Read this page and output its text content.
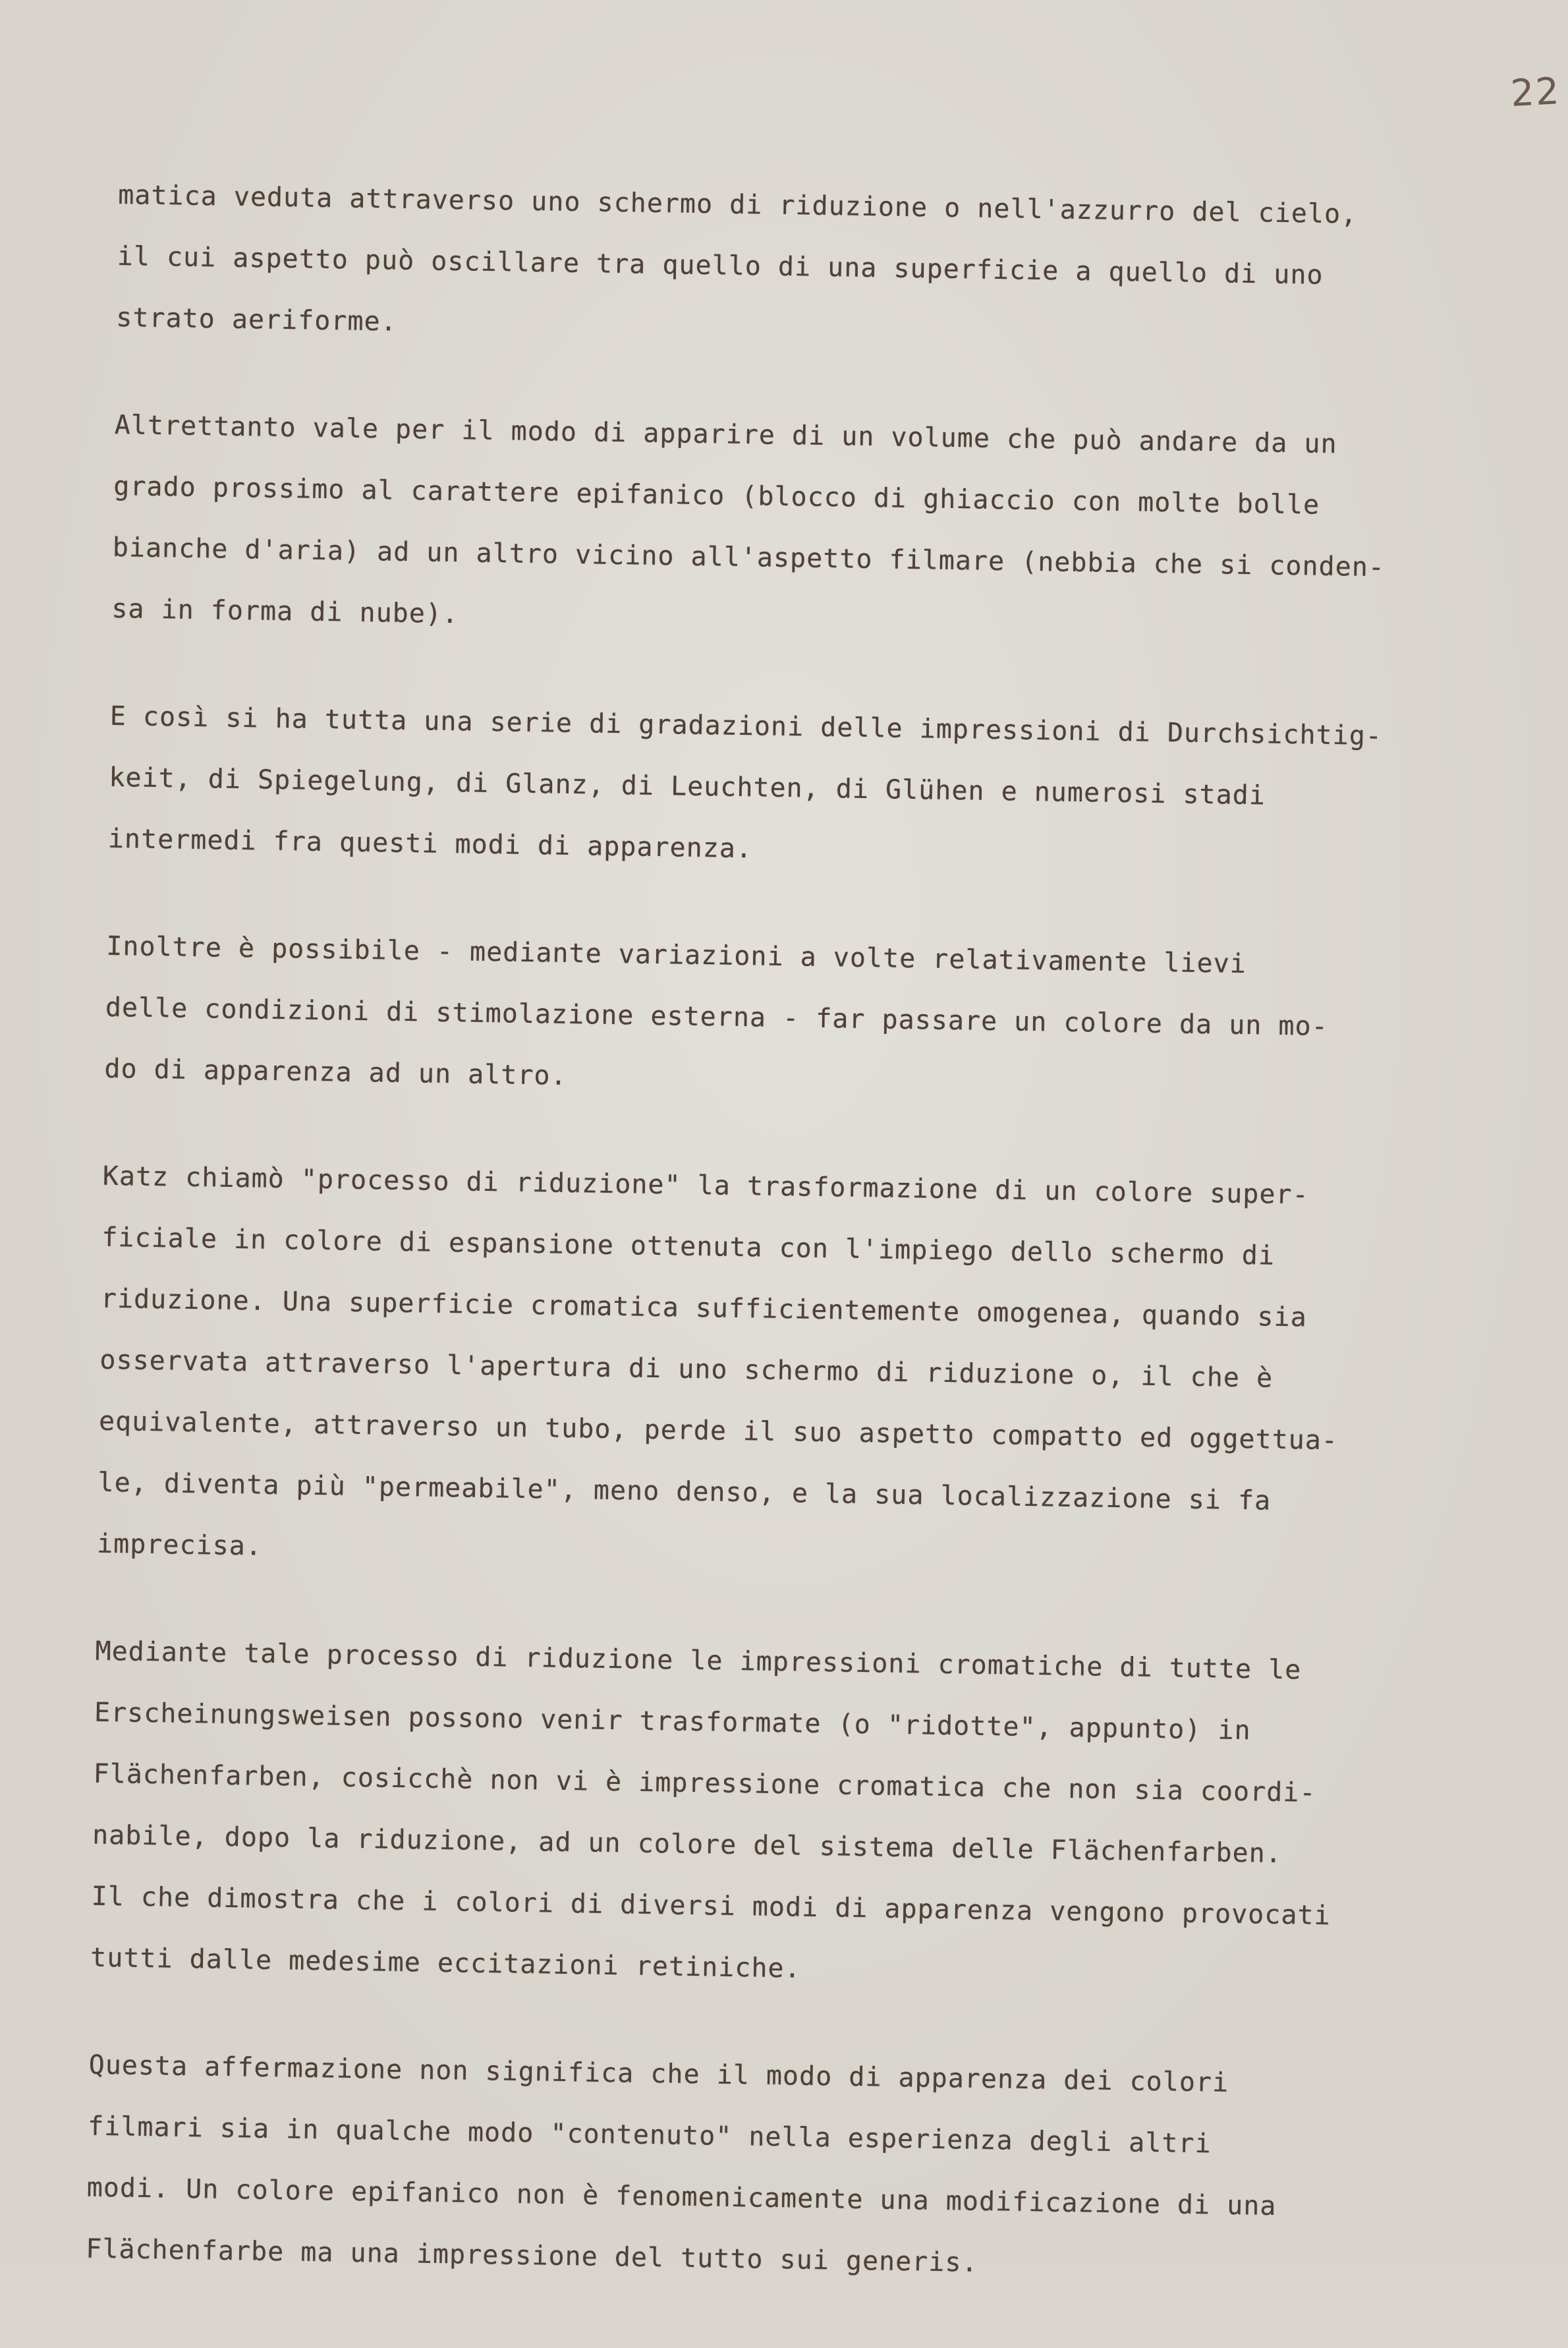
22
matica veduta attraverso uno schermo di riduzione o nell'azzurro del cielo,
il cui aspetto può oscillare tra quello di una superficie a quello di uno
strato aeriforme.
Altrettanto vale per il modo di apparire di un volume che può andare da un
grado prossimo al carattere epifanico (blocco di ghiaccio con molte bolle
bianche d'aria) ad un altro vicino all'aspetto filmare (nebbia che si conden-
sa in forma di nube).
E così si ha tutta una serie di gradazioni delle impressioni di Durchsichtig-
keit, di Spiegelung, di Glanz, di Leuchten, di Glühen e numerosi stadi
intermedi fra questi modi di apparenza.
Inoltre è possibile - mediante variazioni a volte relativamente lievi
delle condizioni di stimolazione esterna - far passare un colore da un mo-
do di apparenza ad un altro.
Katz chiamò "processo di riduzione" la trasformazione di un colore super-
ficiale in colore di espansione ottenuta con l'impiego dello schermo di
riduzione. Una superficie cromatica sufficientemente omogenea, quando sia
osservata attraverso l'apertura di uno schermo di riduzione o, il che è
equivalente, attraverso un tubo, perde il suo aspetto compatto ed oggettua-
le, diventa più "permeabile", meno denso, e la sua localizzazione si fa
imprecisa.
Mediante tale processo di riduzione le impressioni cromatiche di tutte le
Erscheinungsweisen possono venir trasformate (o "ridotte", appunto) in
Flächenfarben, cosicchè non vi è impressione cromatica che non sia coordi-
nabile, dopo la riduzione, ad un colore del sistema delle Flächenfarben.
Il che dimostra che i colori di diversi modi di apparenza vengono provocati
tutti dalle medesime eccitazioni retiniche.
Questa affermazione non significa che il modo di apparenza dei colori
filmari sia in qualche modo "contenuto" nella esperienza degli altri
modi. Un colore epifanico non è fenomenicamente una modificazione di una
Flächenfarbe ma una impressione del tutto sui generis.
